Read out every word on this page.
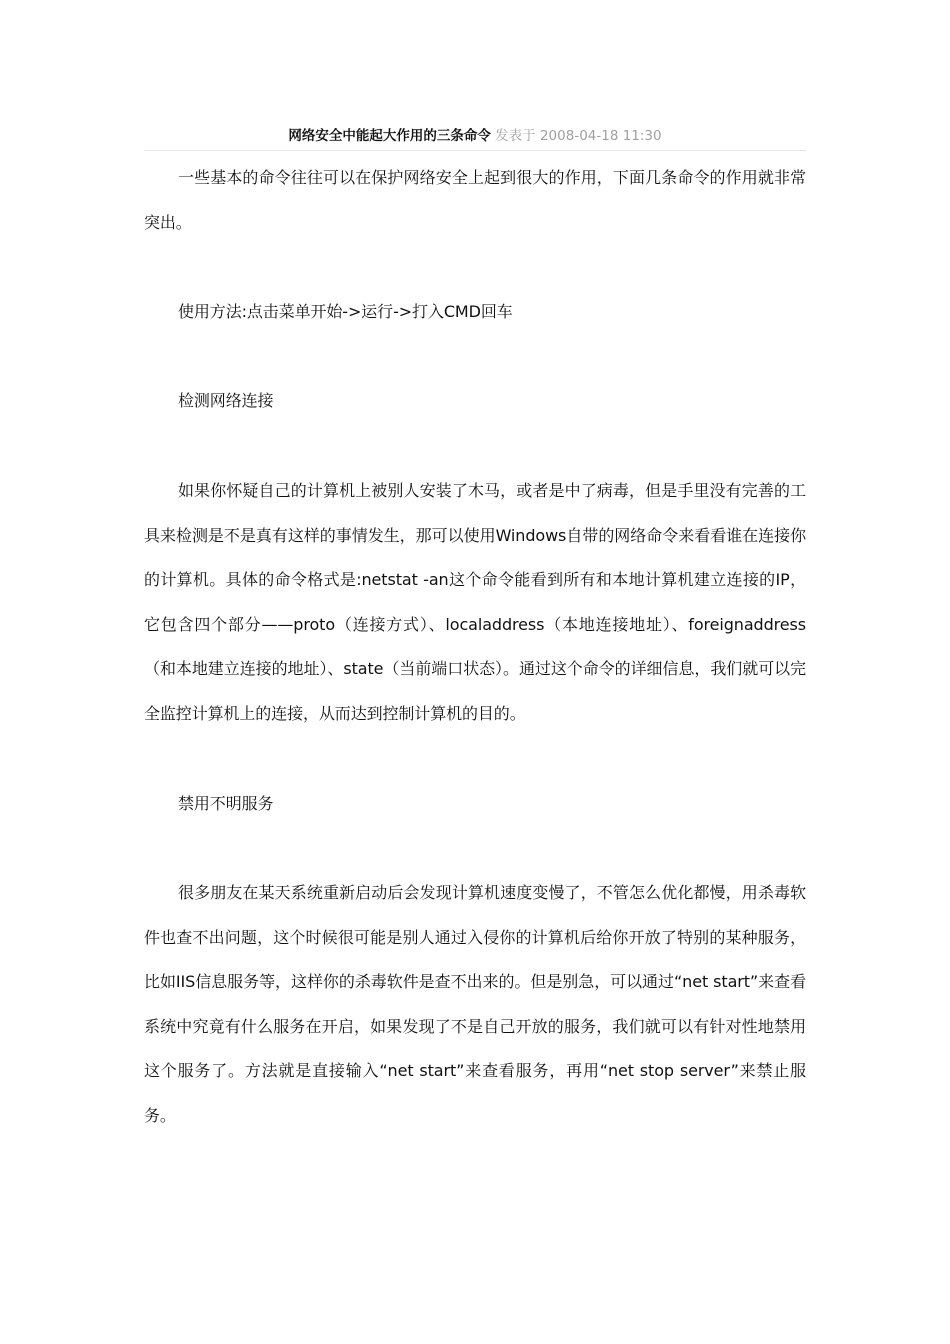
网络安全中能起大作用的三条命令 发表于 2008-04-18 11:30

一些基本的命令往往可以在保护网络安全上起到很大的作用，下面几条命令的作用就非常突出。

使用方法:点击菜单开始->运行->打入CMD回车

检测网络连接

如果你怀疑自己的计算机上被别人安装了木马，或者是中了病毒，但是手里没有完善的工具来检测是不是真有这样的事情发生，那可以使用Windows自带的网络命令来看看谁在连接你的计算机。具体的命令格式是:netstat -an这个命令能看到所有和本地计算机建立连接的IP，它包含四个部分——proto（连接方式）、localaddress（本地连接地址）、foreignaddress（和本地建立连接的地址）、state（当前端口状态）。通过这个命令的详细信息，我们就可以完全监控计算机上的连接，从而达到控制计算机的目的。

禁用不明服务

很多朋友在某天系统重新启动后会发现计算机速度变慢了，不管怎么优化都慢，用杀毒软件也查不出问题，这个时候很可能是别人通过入侵你的计算机后给你开放了特别的某种服务，比如IIS信息服务等，这样你的杀毒软件是查不出来的。但是别急，可以通过“net start”来查看系统中究竟有什么服务在开启，如果发现了不是自己开放的服务，我们就可以有针对性地禁用这个服务了。方法就是直接输入“net start”来查看服务，再用“net stop server”来禁止服务。
